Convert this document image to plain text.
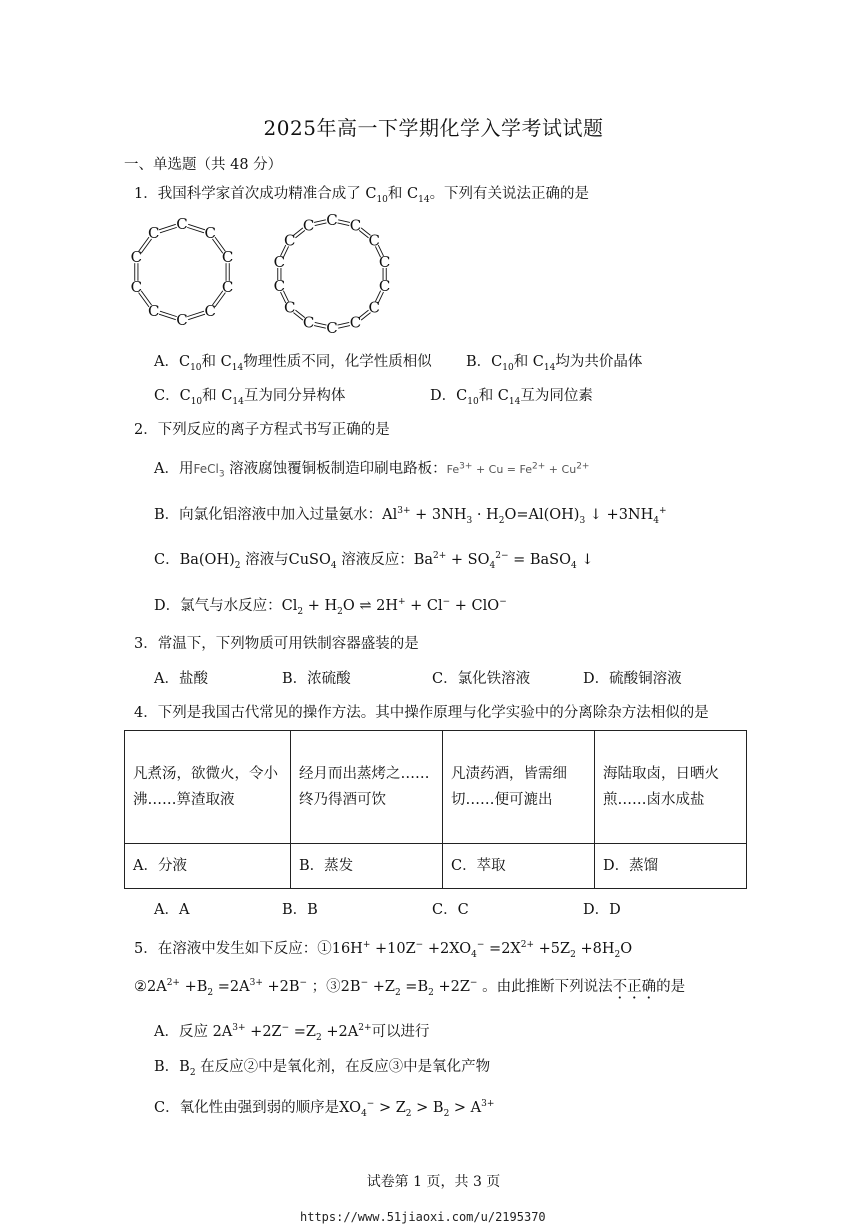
2025年高一下学期化学入学考试试题
一、单选题（共 48 分）
1．我国科学家首次成功精准合成了 $C_{10}$和 $C_{14}$。下列有关说法正确的是
C
C
C
C
C
C
C
C
C
C
C C
C
C
C
C
C
C
C
C
C
C
C
C
A．$C_{10}$和 $C_{14}$物理性质不同，化学性质相似 B．$C_{10}$和 $C_{14}$均为共价晶体
C．$C_{10}$和 $C_{14}$互为同分异构体	D．$C_{10}$和 $C_{14}$互为同位素
2．下列反应的离子方程式书写正确的是
A．用FeCl$_3$ 溶液腐蚀覆铜板制造印刷电路板：$Fe^{3+} + Cu = Fe^{2+} + Cu^{2+}$
B．向氯化铝溶液中加入过量氨水：$Al^{3+} + 3NH_3 \cdot H_2O=Al(OH)_3$ ↓ $+3NH_4^+$
C．$Ba(OH)_2$ 溶液与CuSO$_4$ 溶液反应：$Ba^{2+} + SO_4^{2-}$ = BaSO$_4$ ↓
D．氯气与水反应：$Cl_2 + H_2O$ ⇌ 2H+ + Cl− + ClO−
3．常温下，下列物质可用铁制容器盛装的是
A．盐酸	B．浓硫酸	C．氯化铁溶液	D．硫酸铜溶液
4．下列是我国古代常见的操作方法。其中操作原理与化学实验中的分离除杂方法相似的是
凡煮汤，欲微火，令小沸……箅渣取液	经月而出蒸烤之……终乃得酒可饮	凡渍药酒，皆需细切……便可漉出	海陆取卤，日晒火煎……卤水成盐
A．分液	B．蒸发	C．萃取	D．蒸馏
A．A	B．B	C．C	D．D
5．在溶液中发生如下反应：①16H+ $+10Z^- +2XO_4^- =2X^{2+} +5Z_2 +8H_2O$
$②2A^{2+} +B_2 =2A^{3+} +2B^-$ ；③2B− $+Z_2 =B_2 +2Z^-$ 。由此推断下列说法不正确的是
A．反应 $2A^{3+} +2Z^- =Z_2 +2A^{2+}$可以进行
B．$B_2$ 在反应②中是氧化剂，在反应③中是氧化产物
C．氧化性由强到弱的顺序是$XO_4^- > Z_2 > B_2 > A^{3+}$
试卷第 1 页，共 3 页
https://www.51jiaoxi.com/u/2195370
